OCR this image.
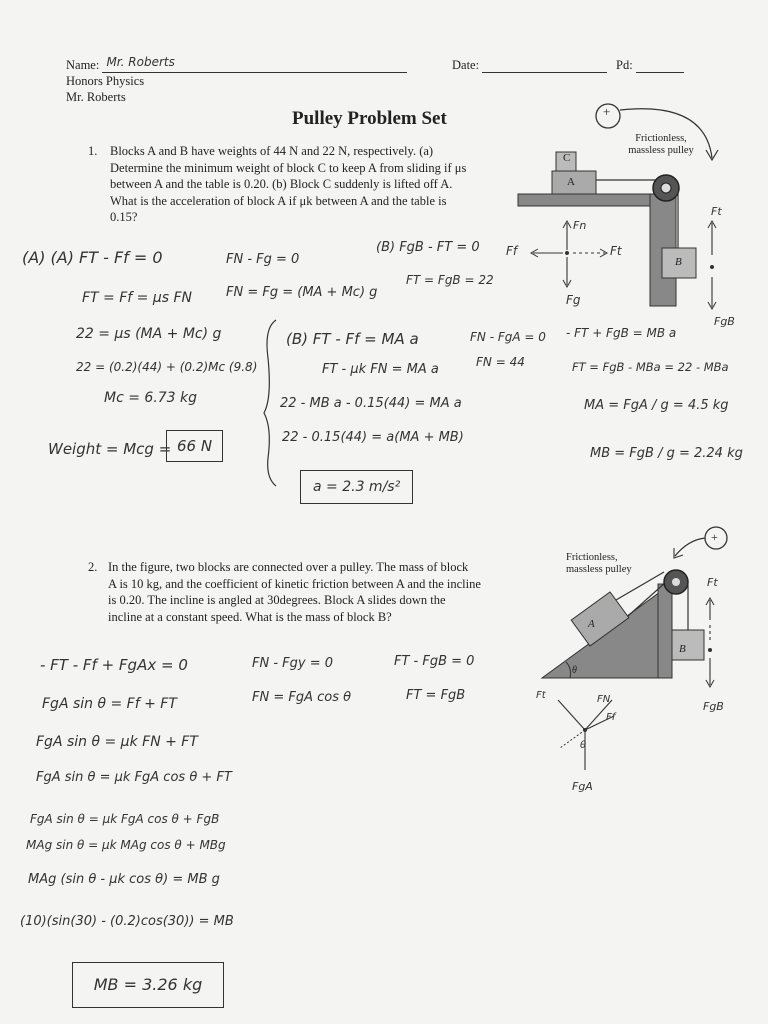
Name: Mr. Roberts	Date:	Pd:
Honors Physics
Mr. Roberts
Pulley Problem Set
1. Blocks A and B have weights of 44 N and 22 N, respectively. (a)
Determine the minimum weight of block C to keep A from sliding if μs
between A and the table is 0.20. (b) Block C suddenly is lifted off A.
What is the acceleration of block A if μk between A and the table is
0.15?
Frictionless,
massless pulley
+
C
A
B
Fn
Ff	Ft
Fg
Ft
FgB
(A) (A) FT - Ff = 0
FT = Ff = μs FN
22 = μs (MA + Mc) g
22 = (0.2)(44) + (0.2)Mc (9.8)
Mc = 6.73 kg
FN - Fg = 0
FN = Fg = (MA + Mc) g
(B) FgB - FT = 0
FT = FgB = 22
Weight = Mcg = 66 N
(B) FT - Ff = MA a
FT - μk FN = MA a
22 - MB a - 0.15(44) = MA a
22 - 0.15(44) = a(MA + MB)
FN - FgA = 0
FN = 44
a = 2.3 m/s²
- FT + FgB = MB a
FT = FgB - MBa = 22 - MBa
MA = FgA / g = 4.5 kg
MB = FgB / g = 2.24 kg
2. In the figure, two blocks are connected over a pulley. The mass of block
A is 10 kg, and the coefficient of kinetic friction between A and the incline
is 0.20. The incline is angled at 30degrees. Block A slides down the
incline at a constant speed. What is the mass of block B?
Frictionless,
massless pulley
+
A
B
θ
Ft
FgB
Ft	FN
Ff
θ
FgA
- FT - Ff + FgAx = 0
FgA sin θ = Ff + FT
FgA sin θ = μk FN + FT
FgA sin θ = μk FgA cos θ + FT
FgA sin θ = μk FgA cos θ + FgB
MAg sin θ = μk MAg cos θ + MBg
MAg (sin θ - μk cos θ) = MB g
(10)(sin(30) - (0.2)cos(30)) = MB
FN - Fgy = 0
FN = FgA cos θ
FT - FgB = 0
FT = FgB
MB = 3.26 kg
